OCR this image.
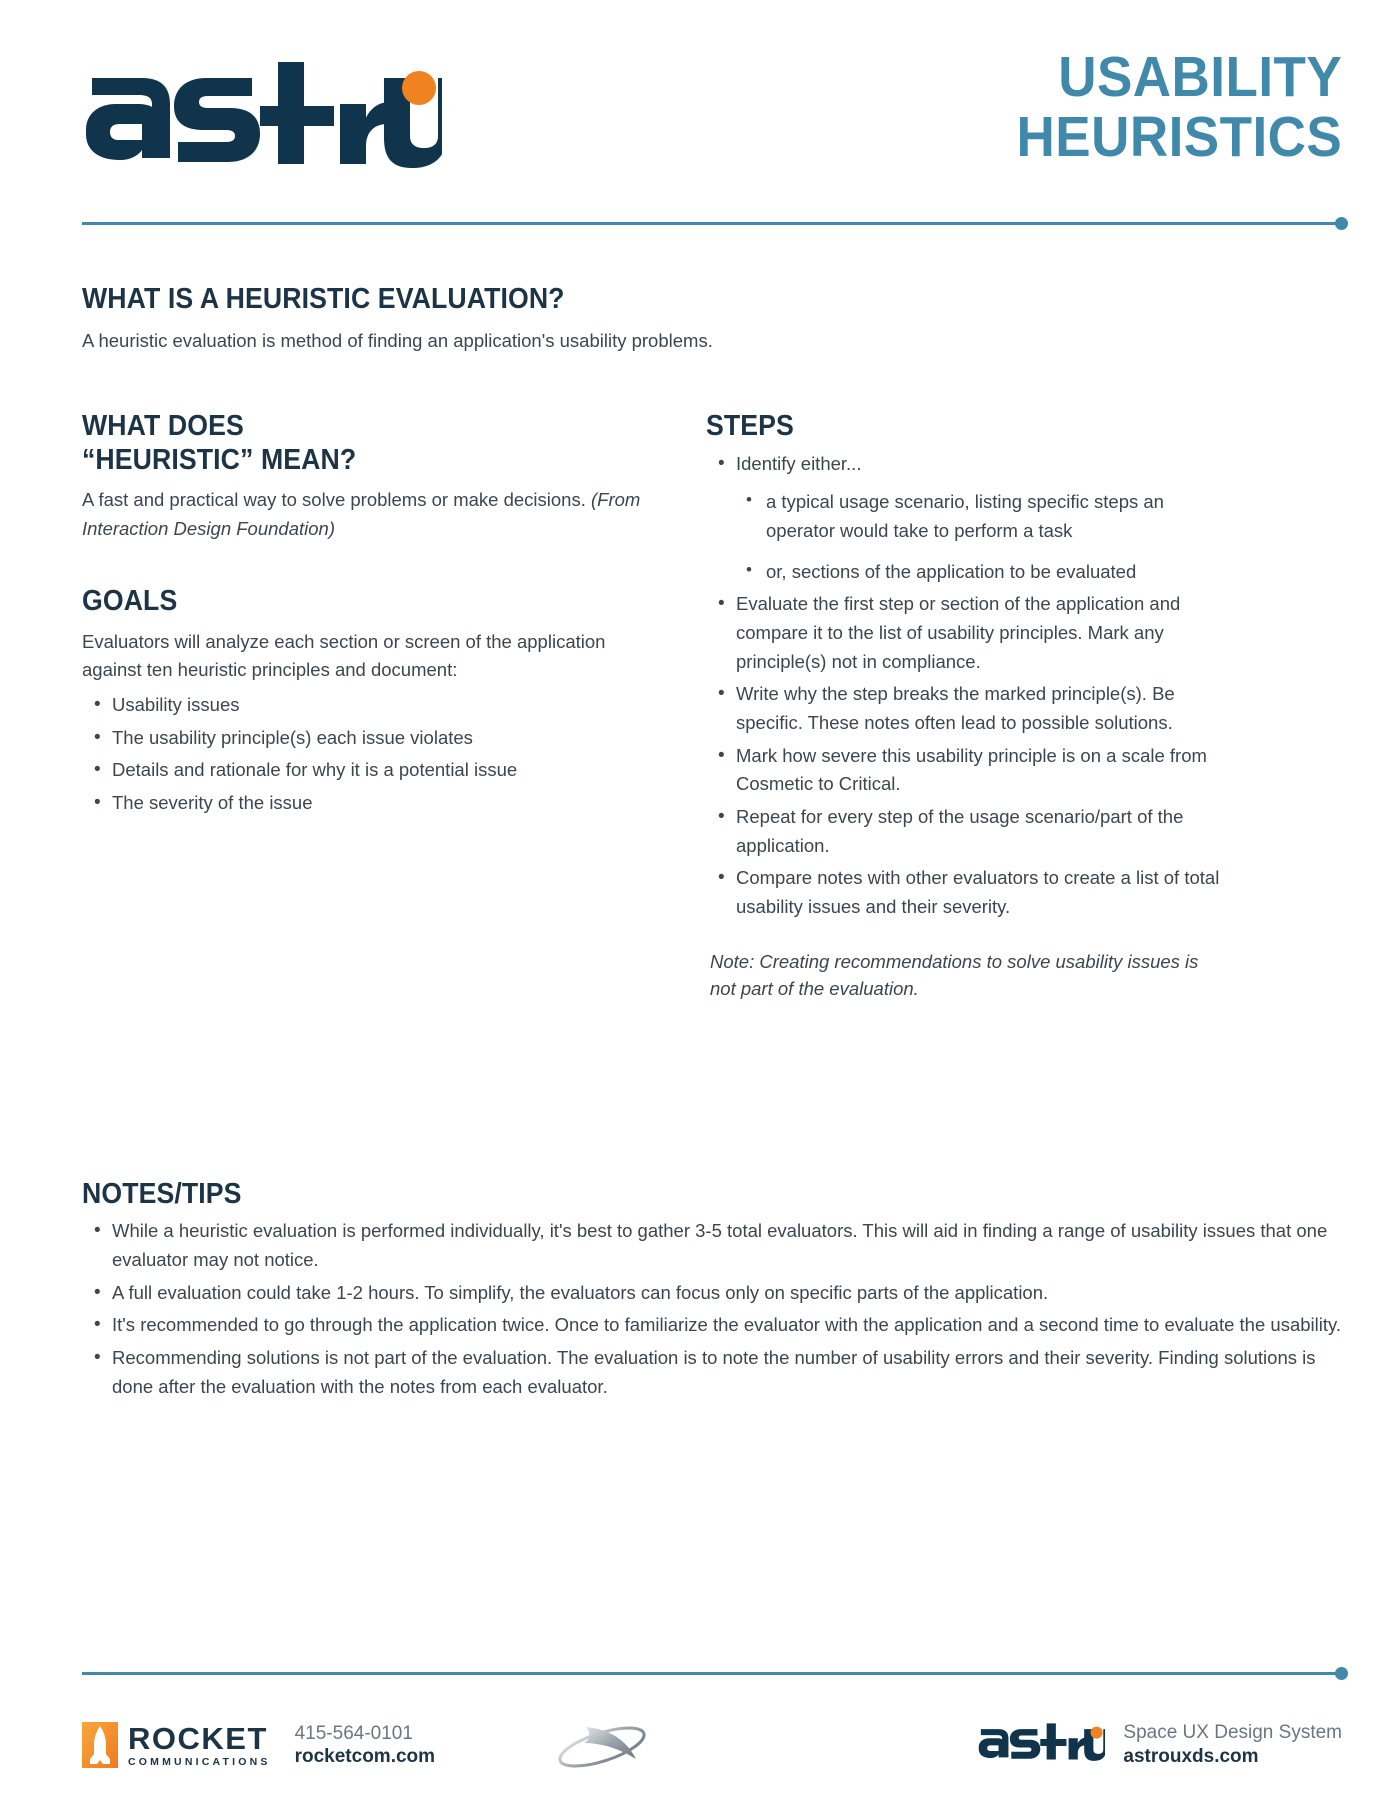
USABILITY
HEURISTICS
WHAT IS A HEURISTIC EVALUATION?

A heuristic evaluation is method of finding an application's usability problems.

WHAT DOES
“HEURISTIC” MEAN?

A fast and practical way to solve problems or make decisions. (From Interaction Design Foundation)

GOALS

Evaluators will analyze each section or screen of the application against ten heuristic principles and document:

• Usability issues
• The usability principle(s) each issue violates
• Details and rationale for why it is a potential issue
• The severity of the issue
STEPS
• Identify either...
• a typical usage scenario, listing specific steps an operator would take to perform a task
• or, sections of the application to be evaluated
• Evaluate the first step or section of the application and compare it to the list of usability principles. Mark any principle(s) not in compliance.
• Write why the step breaks the marked principle(s). Be specific. These notes often lead to possible solutions.
• Mark how severe this usability principle is on a scale from Cosmetic to Critical.
• Repeat for every step of the usage scenario/part of the application.
• Compare notes with other evaluators to create a list of total usability issues and their severity.

Note: Creating recommendations to solve usability issues is not part of the evaluation.

NOTES/TIPS
• While a heuristic evaluation is performed individually, it's best to gather 3-5 total evaluators. This will aid in finding a range of usability issues that one evaluator may not notice.
• A full evaluation could take 1-2 hours. To simplify, the evaluators can focus only on specific parts of the application.
• It's recommended to go through the application twice. Once to familiarize the evaluator with the application and a second time to evaluate the usability.
• Recommending solutions is not part of the evaluation. The evaluation is to note the number of usability errors and their severity. Finding solutions is done after the evaluation with the notes from each evaluator.
ROCKET
COMMUNICATIONS
415-564-0101
rocketcom.com
Space UX Design System
astrouxds.com
